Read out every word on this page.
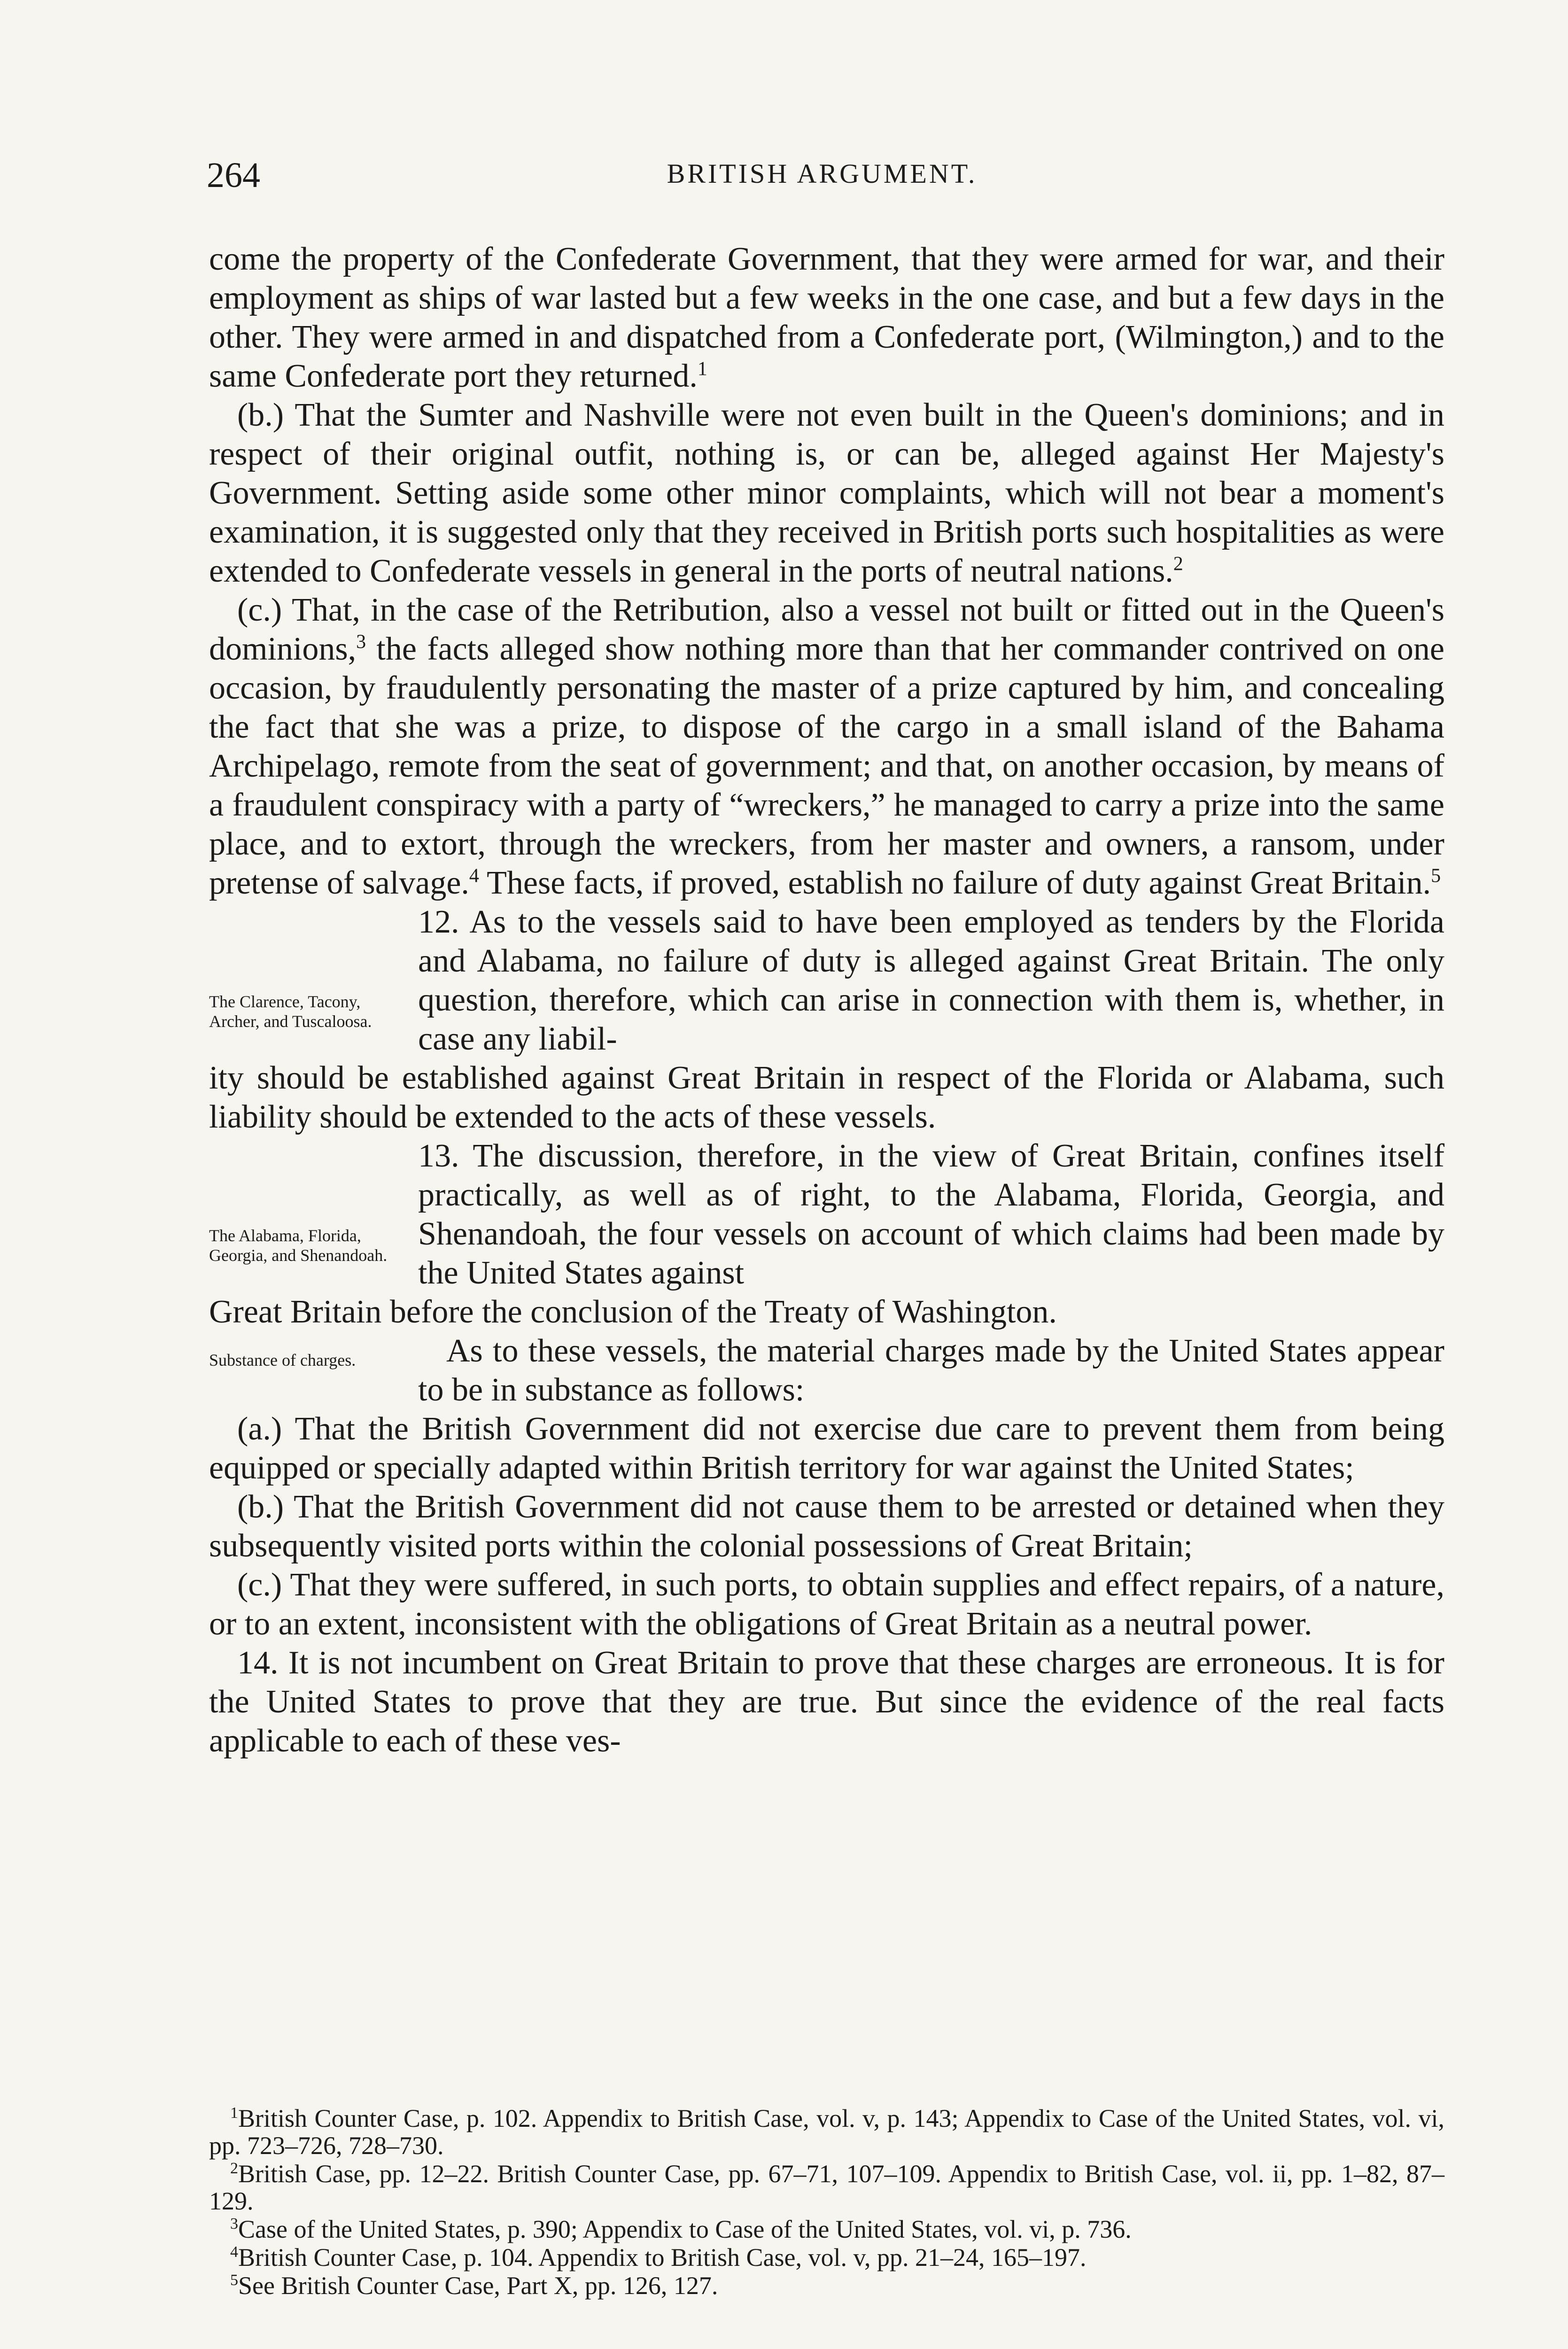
264	BRITISH ARGUMENT.

come the property of the Confederate Government, that they were armed for war, and their employment as ships of war lasted but a few weeks in the one case, and but a few days in the other. They were armed in and dispatched from a Confederate port, (Wilmington,) and to the same Confederate port they returned.$^1$

(b.) That the Sumter and Nashville were not even built in the Queen's dominions; and in respect of their original outfit, nothing is, or can be, alleged against Her Majesty's Government. Setting aside some other minor complaints, which will not bear a moment's examination, it is suggested only that they received in British ports such hospitalities as were extended to Confederate vessels in general in the ports of neutral nations.$^2$

(c.) That, in the case of the Retribution, also a vessel not built or fitted out in the Queen's dominions,$^3$ the facts alleged show nothing more than that her commander contrived on one occasion, by fraudulently personating the master of a prize captured by him, and concealing the fact that she was a prize, to dispose of the cargo in a small island of the Bahama Archipelago, remote from the seat of government; and that, on another occasion, by means of a fraudulent conspiracy with a party of “wreckers,” he managed to carry a prize into the same place, and to extort, through the wreckers, from her master and owners, a ransom, under pretense of salvage.$^4$ These facts, if proved, establish no failure of duty against Great Britain.$^5$

The Clarence, Tacony, Archer, and Tuscaloosa.

12. As to the vessels said to have been employed as tenders by the Florida and Alabama, no failure of duty is alleged against Great Britain. The only question, therefore, which can arise in connection with them is, whether, in case any liabil-

ity should be established against Great Britain in respect of the Florida or Alabama, such liability should be extended to the acts of these vessels.

The Alabama, Florida, Georgia, and Shenandoah.

13. The discussion, therefore, in the view of Great Britain, confines itself practically, as well as of right, to the Alabama, Florida, Georgia, and Shenandoah, the four vessels on account of which claims had been made by the United States against

Great Britain before the conclusion of the Treaty of Washington.

Substance of charges.	As to these vessels, the material charges made by the United States appear to be in substance as follows:

(a.) That the British Government did not exercise due care to prevent them from being equipped or specially adapted within British territory for war against the United States;

(b.) That the British Government did not cause them to be arrested or detained when they subsequently visited ports within the colonial possessions of Great Britain;

(c.) That they were suffered, in such ports, to obtain supplies and effect repairs, of a nature, or to an extent, inconsistent with the obligations of Great Britain as a neutral power.

14. It is not incumbent on Great Britain to prove that these charges are erroneous. It is for the United States to prove that they are true. But since the evidence of the real facts applicable to each of these ves-

$^1$British Counter Case, p. 102. Appendix to British Case, vol. v, p. 143; Appendix to Case of the United States, vol. vi, pp. 723–726, 728–730.

$^2$British Case, pp. 12–22. British Counter Case, pp. 67–71, 107–109. Appendix to British Case, vol. ii, pp. 1–82, 87–129.

$^3$Case of the United States, p. 390; Appendix to Case of the United States, vol. vi, p. 736.

$^4$British Counter Case, p. 104. Appendix to British Case, vol. v, pp. 21–24, 165–197.

$^5$See British Counter Case, Part X, pp. 126, 127.
